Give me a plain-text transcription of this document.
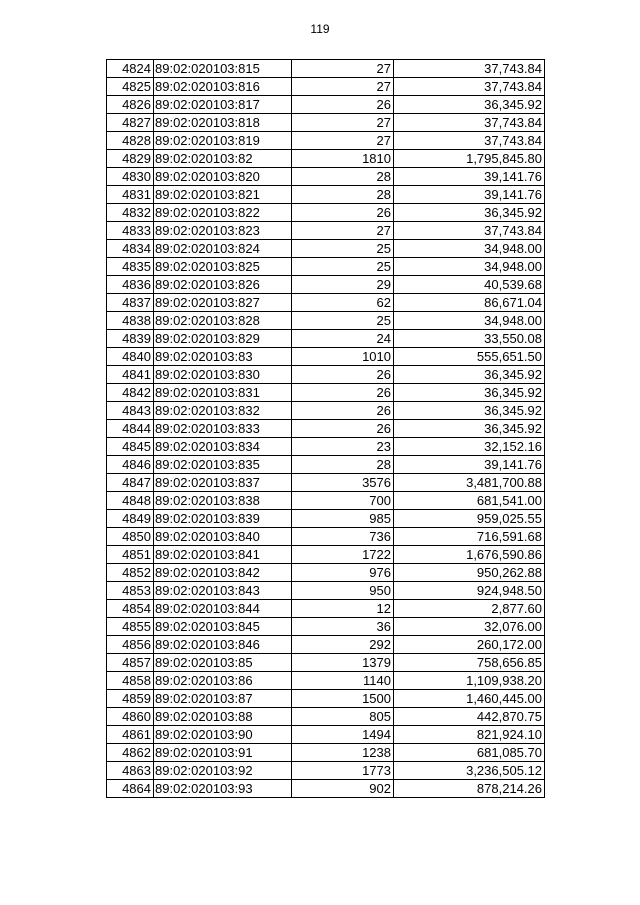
119
4824	89:02:020103:815	27	37,743.84
4825	89:02:020103:816	27	37,743.84
4826	89:02:020103:817	26	36,345.92
4827	89:02:020103:818	27	37,743.84
4828	89:02:020103:819	27	37,743.84
4829	89:02:020103:82	1810	1,795,845.80
4830	89:02:020103:820	28	39,141.76
4831	89:02:020103:821	28	39,141.76
4832	89:02:020103:822	26	36,345.92
4833	89:02:020103:823	27	37,743.84
4834	89:02:020103:824	25	34,948.00
4835	89:02:020103:825	25	34,948.00
4836	89:02:020103:826	29	40,539.68
4837	89:02:020103:827	62	86,671.04
4838	89:02:020103:828	25	34,948.00
4839	89:02:020103:829	24	33,550.08
4840	89:02:020103:83	1010	555,651.50
4841	89:02:020103:830	26	36,345.92
4842	89:02:020103:831	26	36,345.92
4843	89:02:020103:832	26	36,345.92
4844	89:02:020103:833	26	36,345.92
4845	89:02:020103:834	23	32,152.16
4846	89:02:020103:835	28	39,141.76
4847	89:02:020103:837	3576	3,481,700.88
4848	89:02:020103:838	700	681,541.00
4849	89:02:020103:839	985	959,025.55
4850	89:02:020103:840	736	716,591.68
4851	89:02:020103:841	1722	1,676,590.86
4852	89:02:020103:842	976	950,262.88
4853	89:02:020103:843	950	924,948.50
4854	89:02:020103:844	12	2,877.60
4855	89:02:020103:845	36	32,076.00
4856	89:02:020103:846	292	260,172.00
4857	89:02:020103:85	1379	758,656.85
4858	89:02:020103:86	1140	1,109,938.20
4859	89:02:020103:87	1500	1,460,445.00
4860	89:02:020103:88	805	442,870.75
4861	89:02:020103:90	1494	821,924.10
4862	89:02:020103:91	1238	681,085.70
4863	89:02:020103:92	1773	3,236,505.12
4864	89:02:020103:93	902	878,214.26
